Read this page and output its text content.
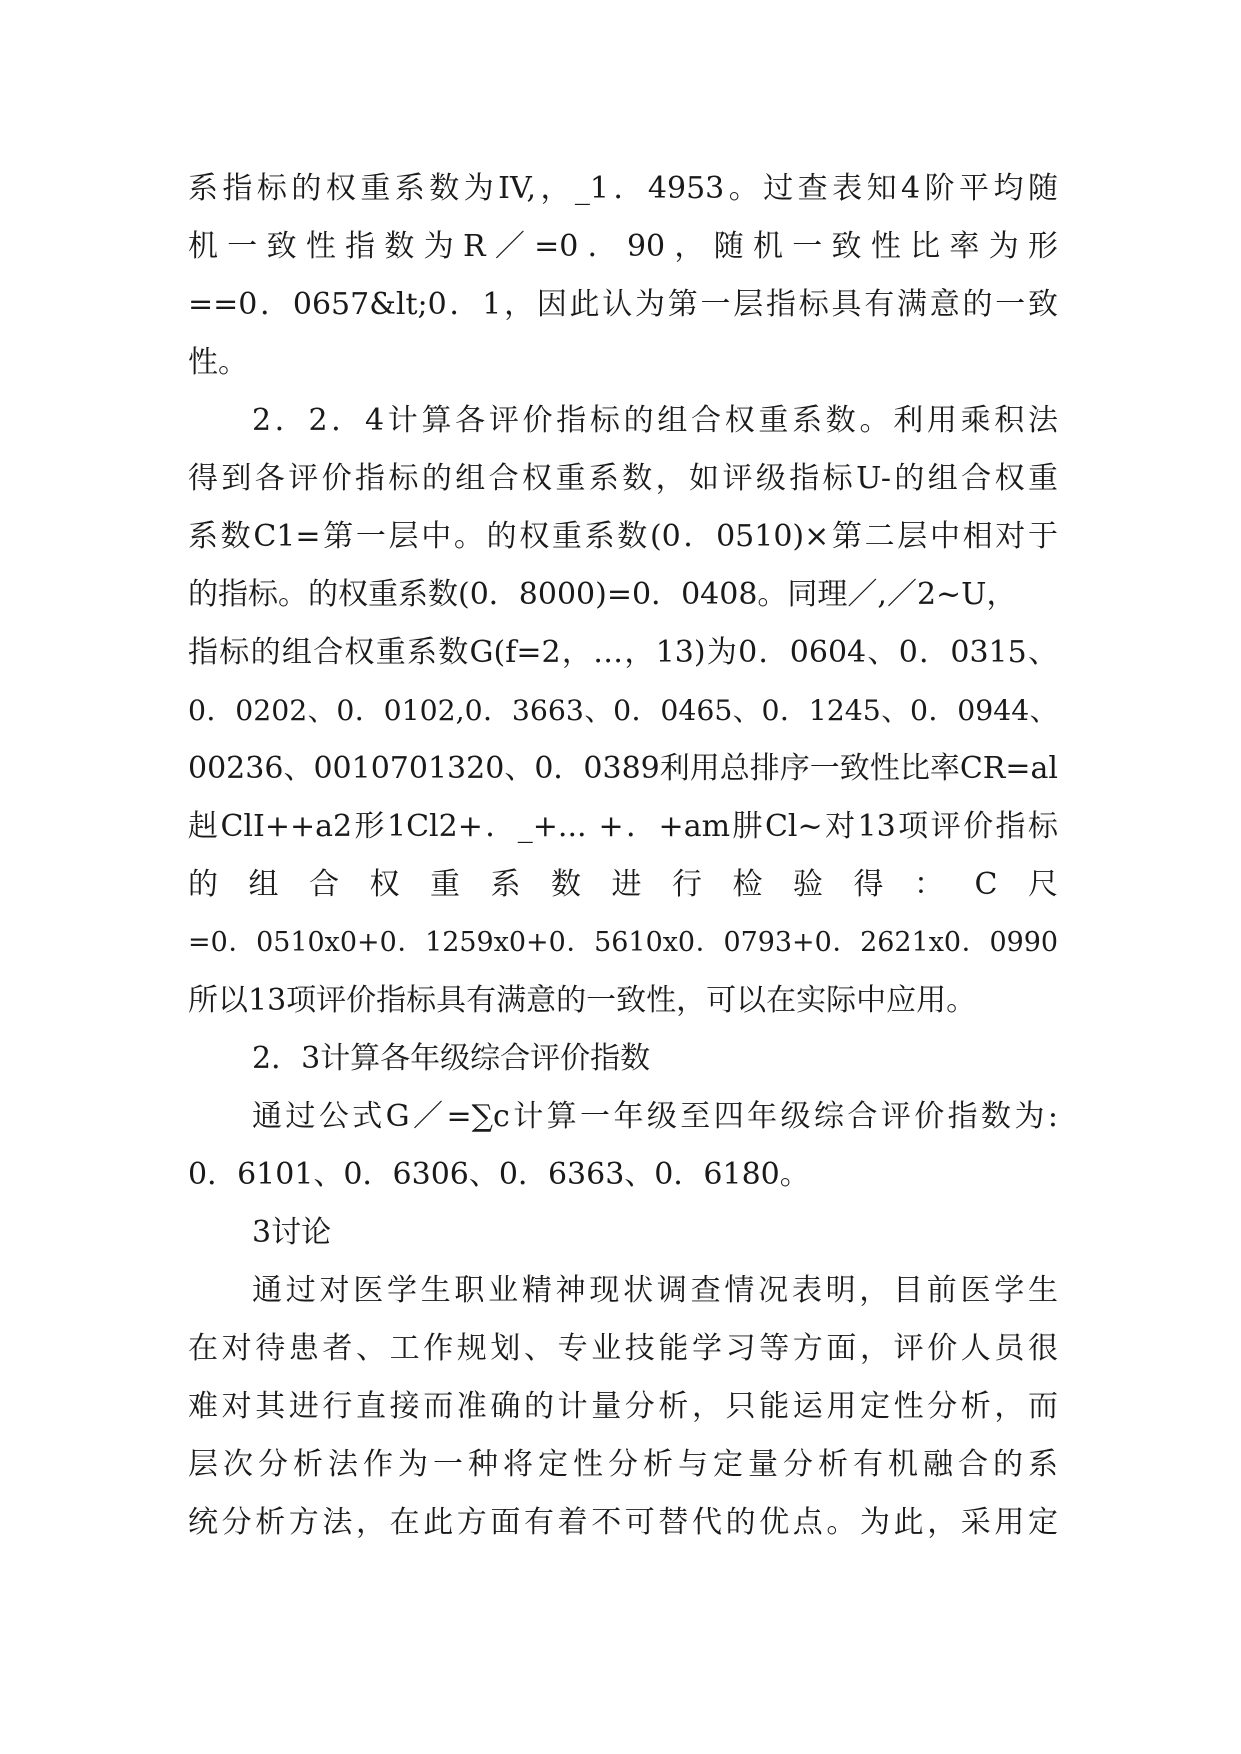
系指标的权重系数为IV,，_1．4953。过查表知4阶平均随
机一致性指数为R／=0．90，随机一致性比率为形
==0．0657&lt;0．1，因此认为第一层指标具有满意的一致
性。
2．2．4计算各评价指标的组合权重系数。利用乘积法
得到各评价指标的组合权重系数，如评级指标U-的组合权重
系数C1=第一层中。的权重系数(0．0510)×第二层中相对于
的指标。的权重系数(0．8000)=0．0408。同理／,／2~U，
指标的组合权重系数G(f=2，…，13)为0．0604、0．0315、
0．0202、0．0102,0．3663、0．0465、0．1245、0．0944、
00236、0010701320、0．0389利用总排序一致性比率CR=al
赳ClI++a2形1Cl2+．_+... +．+am肼Cl~对13项评价指标
的组合权重系数进行检验得：C尺
=0．0510x0+0．1259x0+0．5610x0．0793+0．2621x0．0990
所以13项评价指标具有满意的一致性，可以在实际中应用。
2．3计算各年级综合评价指数
通过公式G／=∑c计算一年级至四年级综合评价指数为:
0．6101、0．6306、0．6363、0．6180。
3讨论
通过对医学生职业精神现状调查情况表明，目前医学生
在对待患者、工作规划、专业技能学习等方面，评价人员很
难对其进行直接而准确的计量分析，只能运用定性分析，而
层次分析法作为一种将定性分析与定量分析有机融合的系
统分析方法，在此方面有着不可替代的优点。为此，采用定
